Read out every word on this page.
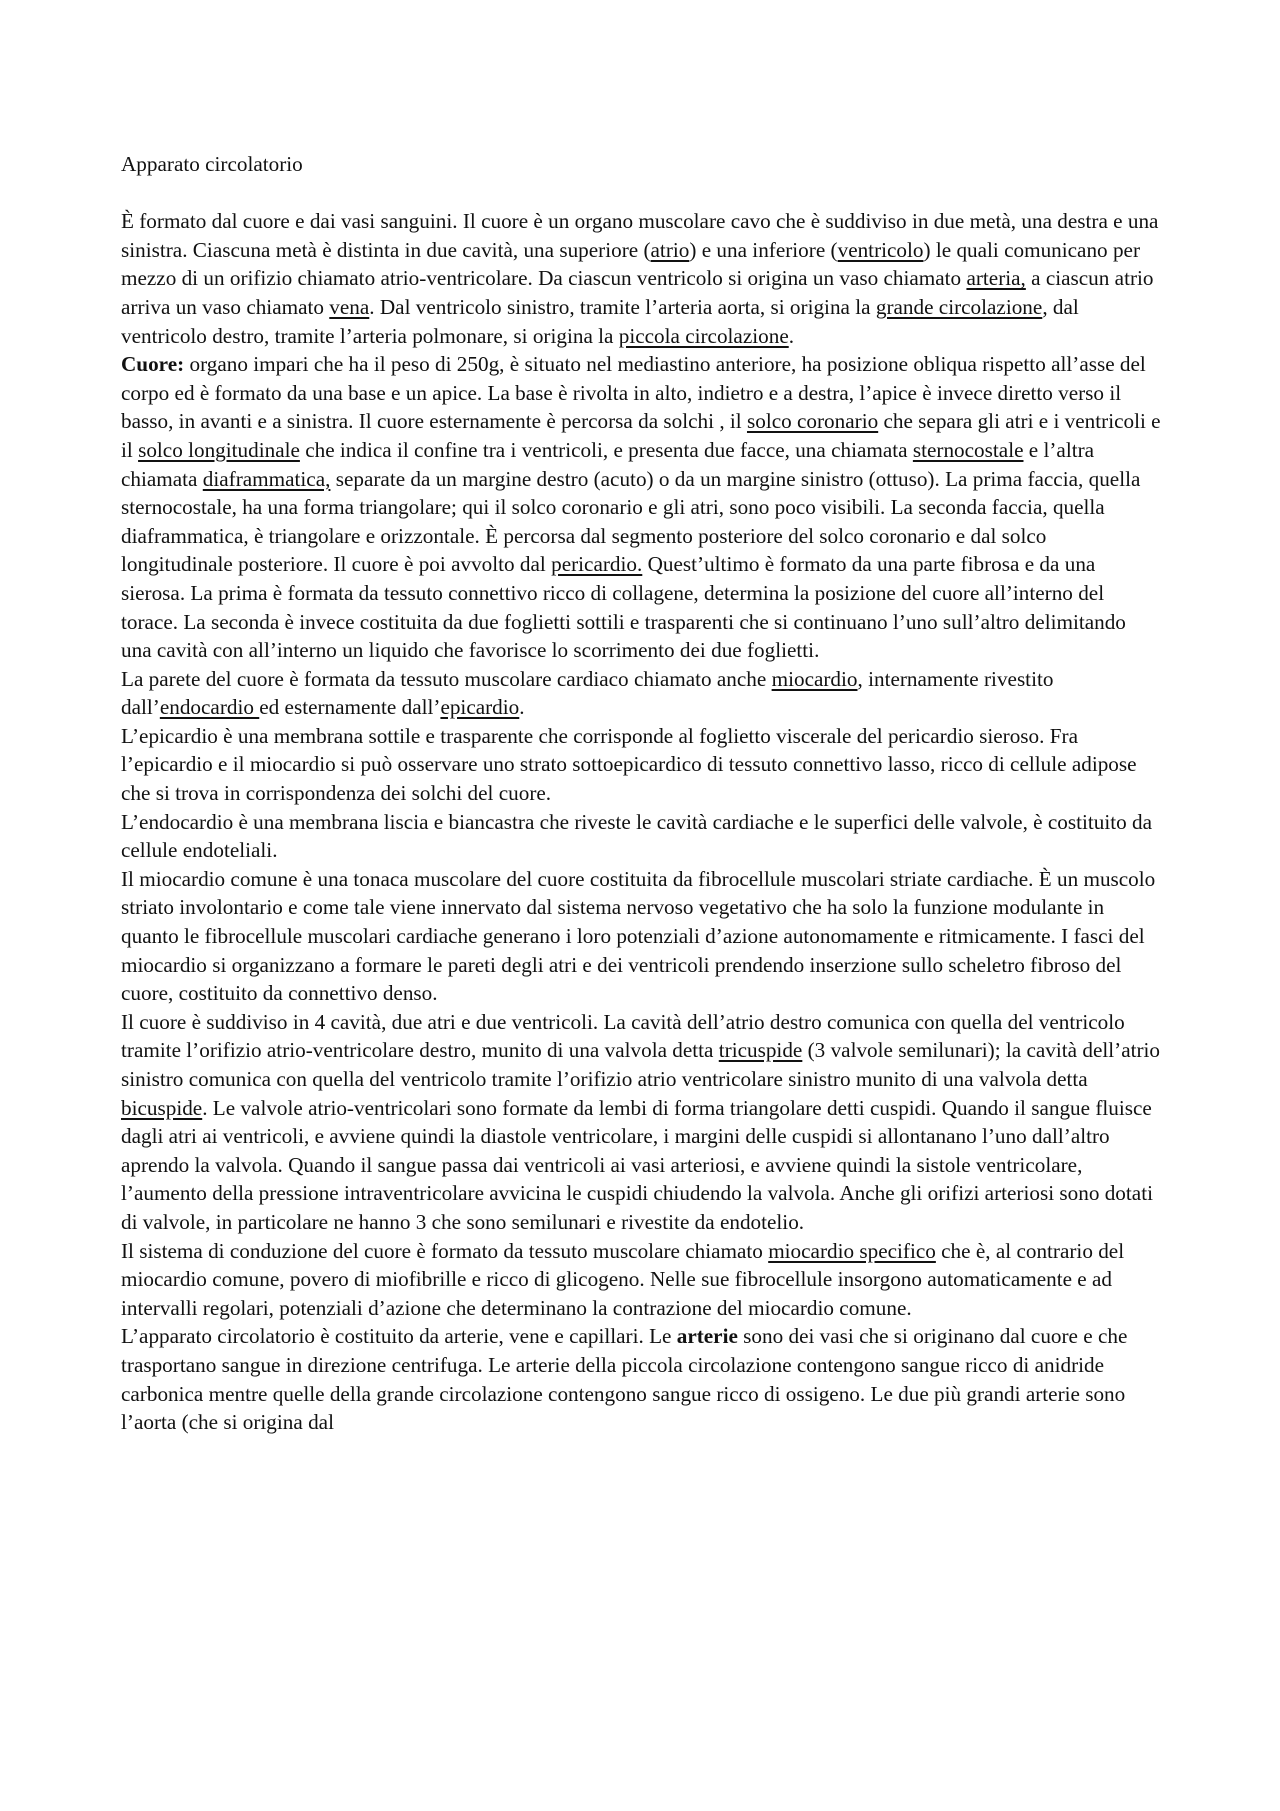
Apparato circolatorio

È formato dal cuore e dai vasi sanguini. Il cuore è un organo muscolare cavo che è suddiviso in due metà, una destra e una sinistra. Ciascuna metà è distinta in due cavità, una superiore (atrio) e una inferiore (ventricolo) le quali comunicano per mezzo di un orifizio chiamato atrio-ventricolare. Da ciascun ventricolo si origina un vaso chiamato arteria, a ciascun atrio arriva un vaso chiamato vena. Dal ventricolo sinistro, tramite l’arteria aorta, si origina la grande circolazione, dal ventricolo destro, tramite l’arteria polmonare, si origina la piccola circolazione.

Cuore: organo impari che ha il peso di 250g, è situato nel mediastino anteriore, ha posizione obliqua rispetto all’asse del corpo ed è formato da una base e un apice. La base è rivolta in alto, indietro e a destra, l’apice è invece diretto verso il basso, in avanti e a sinistra. Il cuore esternamente è percorsa da solchi , il solco coronario che separa gli atri e i ventricoli e il solco longitudinale che indica il confine tra i ventricoli, e presenta due facce, una chiamata sternocostale e l’altra chiamata diaframmatica, separate da un margine destro (acuto) o da un margine sinistro (ottuso). La prima faccia, quella sternocostale, ha una forma triangolare; qui il solco coronario e gli atri, sono poco visibili. La seconda faccia, quella diaframmatica, è triangolare e orizzontale. È percorsa dal segmento posteriore del solco coronario e dal solco longitudinale posteriore. Il cuore è poi avvolto dal pericardio. Quest’ultimo è formato da una parte fibrosa e da una sierosa. La prima è formata da tessuto connettivo ricco di collagene, determina la posizione del cuore all’interno del torace. La seconda è invece costituita da due foglietti sottili e trasparenti che si continuano l’uno sull’altro delimitando una cavità con all’interno un liquido che favorisce lo scorrimento dei due foglietti.

La parete del cuore è formata da tessuto muscolare cardiaco chiamato anche miocardio, internamente rivestito dall’endocardio ed esternamente dall’epicardio.

L’epicardio è una membrana sottile e trasparente che corrisponde al foglietto viscerale del pericardio sieroso. Fra l’epicardio e il miocardio si può osservare uno strato sottoepicardico di tessuto connettivo lasso, ricco di cellule adipose che si trova in corrispondenza dei solchi del cuore.

L’endocardio è una membrana liscia e biancastra che riveste le cavità cardiache e le superfici delle valvole, è costituito da cellule endoteliali.

Il miocardio comune è una tonaca muscolare del cuore costituita da fibrocellule muscolari striate cardiache. È un muscolo striato involontario e come tale viene innervato dal sistema nervoso vegetativo che ha solo la funzione modulante in quanto le fibrocellule muscolari cardiache generano i loro potenziali d’azione autonomamente e ritmicamente. I fasci del miocardio si organizzano a formare le pareti degli atri e dei ventricoli prendendo inserzione sullo scheletro fibroso del cuore, costituito da connettivo denso.

Il cuore è suddiviso in 4 cavità, due atri e due ventricoli. La cavità dell’atrio destro comunica con quella del ventricolo tramite l’orifizio atrio-ventricolare destro, munito di una valvola detta tricuspide (3 valvole semilunari); la cavità dell’atrio sinistro comunica con quella del ventricolo tramite l’orifizio atrio ventricolare sinistro munito di una valvola detta bicuspide. Le valvole atrio-ventricolari sono formate da lembi di forma triangolare detti cuspidi. Quando il sangue fluisce dagli atri ai ventricoli, e avviene quindi la diastole ventricolare, i margini delle cuspidi si allontanano l’uno dall’altro aprendo la valvola. Quando il sangue passa dai ventricoli ai vasi arteriosi, e avviene quindi la sistole ventricolare, l’aumento della pressione intraventricolare avvicina le cuspidi chiudendo la valvola. Anche gli orifizi arteriosi sono dotati di valvole, in particolare ne hanno 3 che sono semilunari e rivestite da endotelio.

Il sistema di conduzione del cuore è formato da tessuto muscolare chiamato miocardio specifico che è, al contrario del miocardio comune, povero di miofibrille e ricco di glicogeno. Nelle sue fibrocellule insorgono automaticamente e ad intervalli regolari, potenziali d’azione che determinano la contrazione del miocardio comune.

L’apparato circolatorio è costituito da arterie, vene e capillari. Le arterie sono dei vasi che si originano dal cuore e che trasportano sangue in direzione centrifuga. Le arterie della piccola circolazione contengono sangue ricco di anidride carbonica mentre quelle della grande circolazione contengono sangue ricco di ossigeno. Le due più grandi arterie sono l’aorta (che si origina dal
